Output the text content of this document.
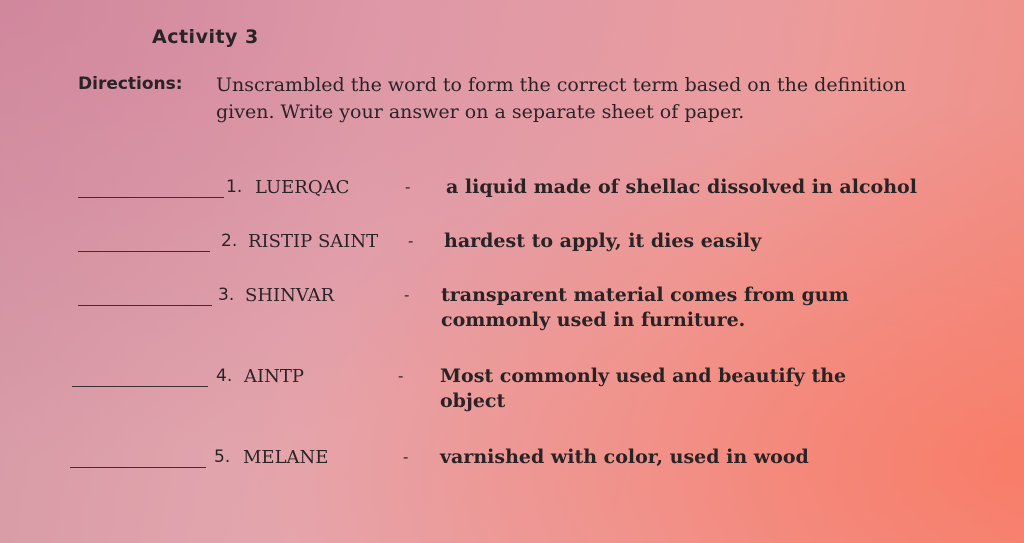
Activity 3
Directions: Unscrambled the word to form the correct term based on the definition given. Write your answer on a separate sheet of paper.
1. LUERQAC	- a liquid made of shellac dissolved in alcohol
2. RISTIP SAINT - hardest to apply, it dies easily
3. SHINVAR	- transparent material comes from gum commonly used in furniture.
4. AINTP	- Most commonly used and beautify the object
5. MELANE	- varnished with color, used in wood
